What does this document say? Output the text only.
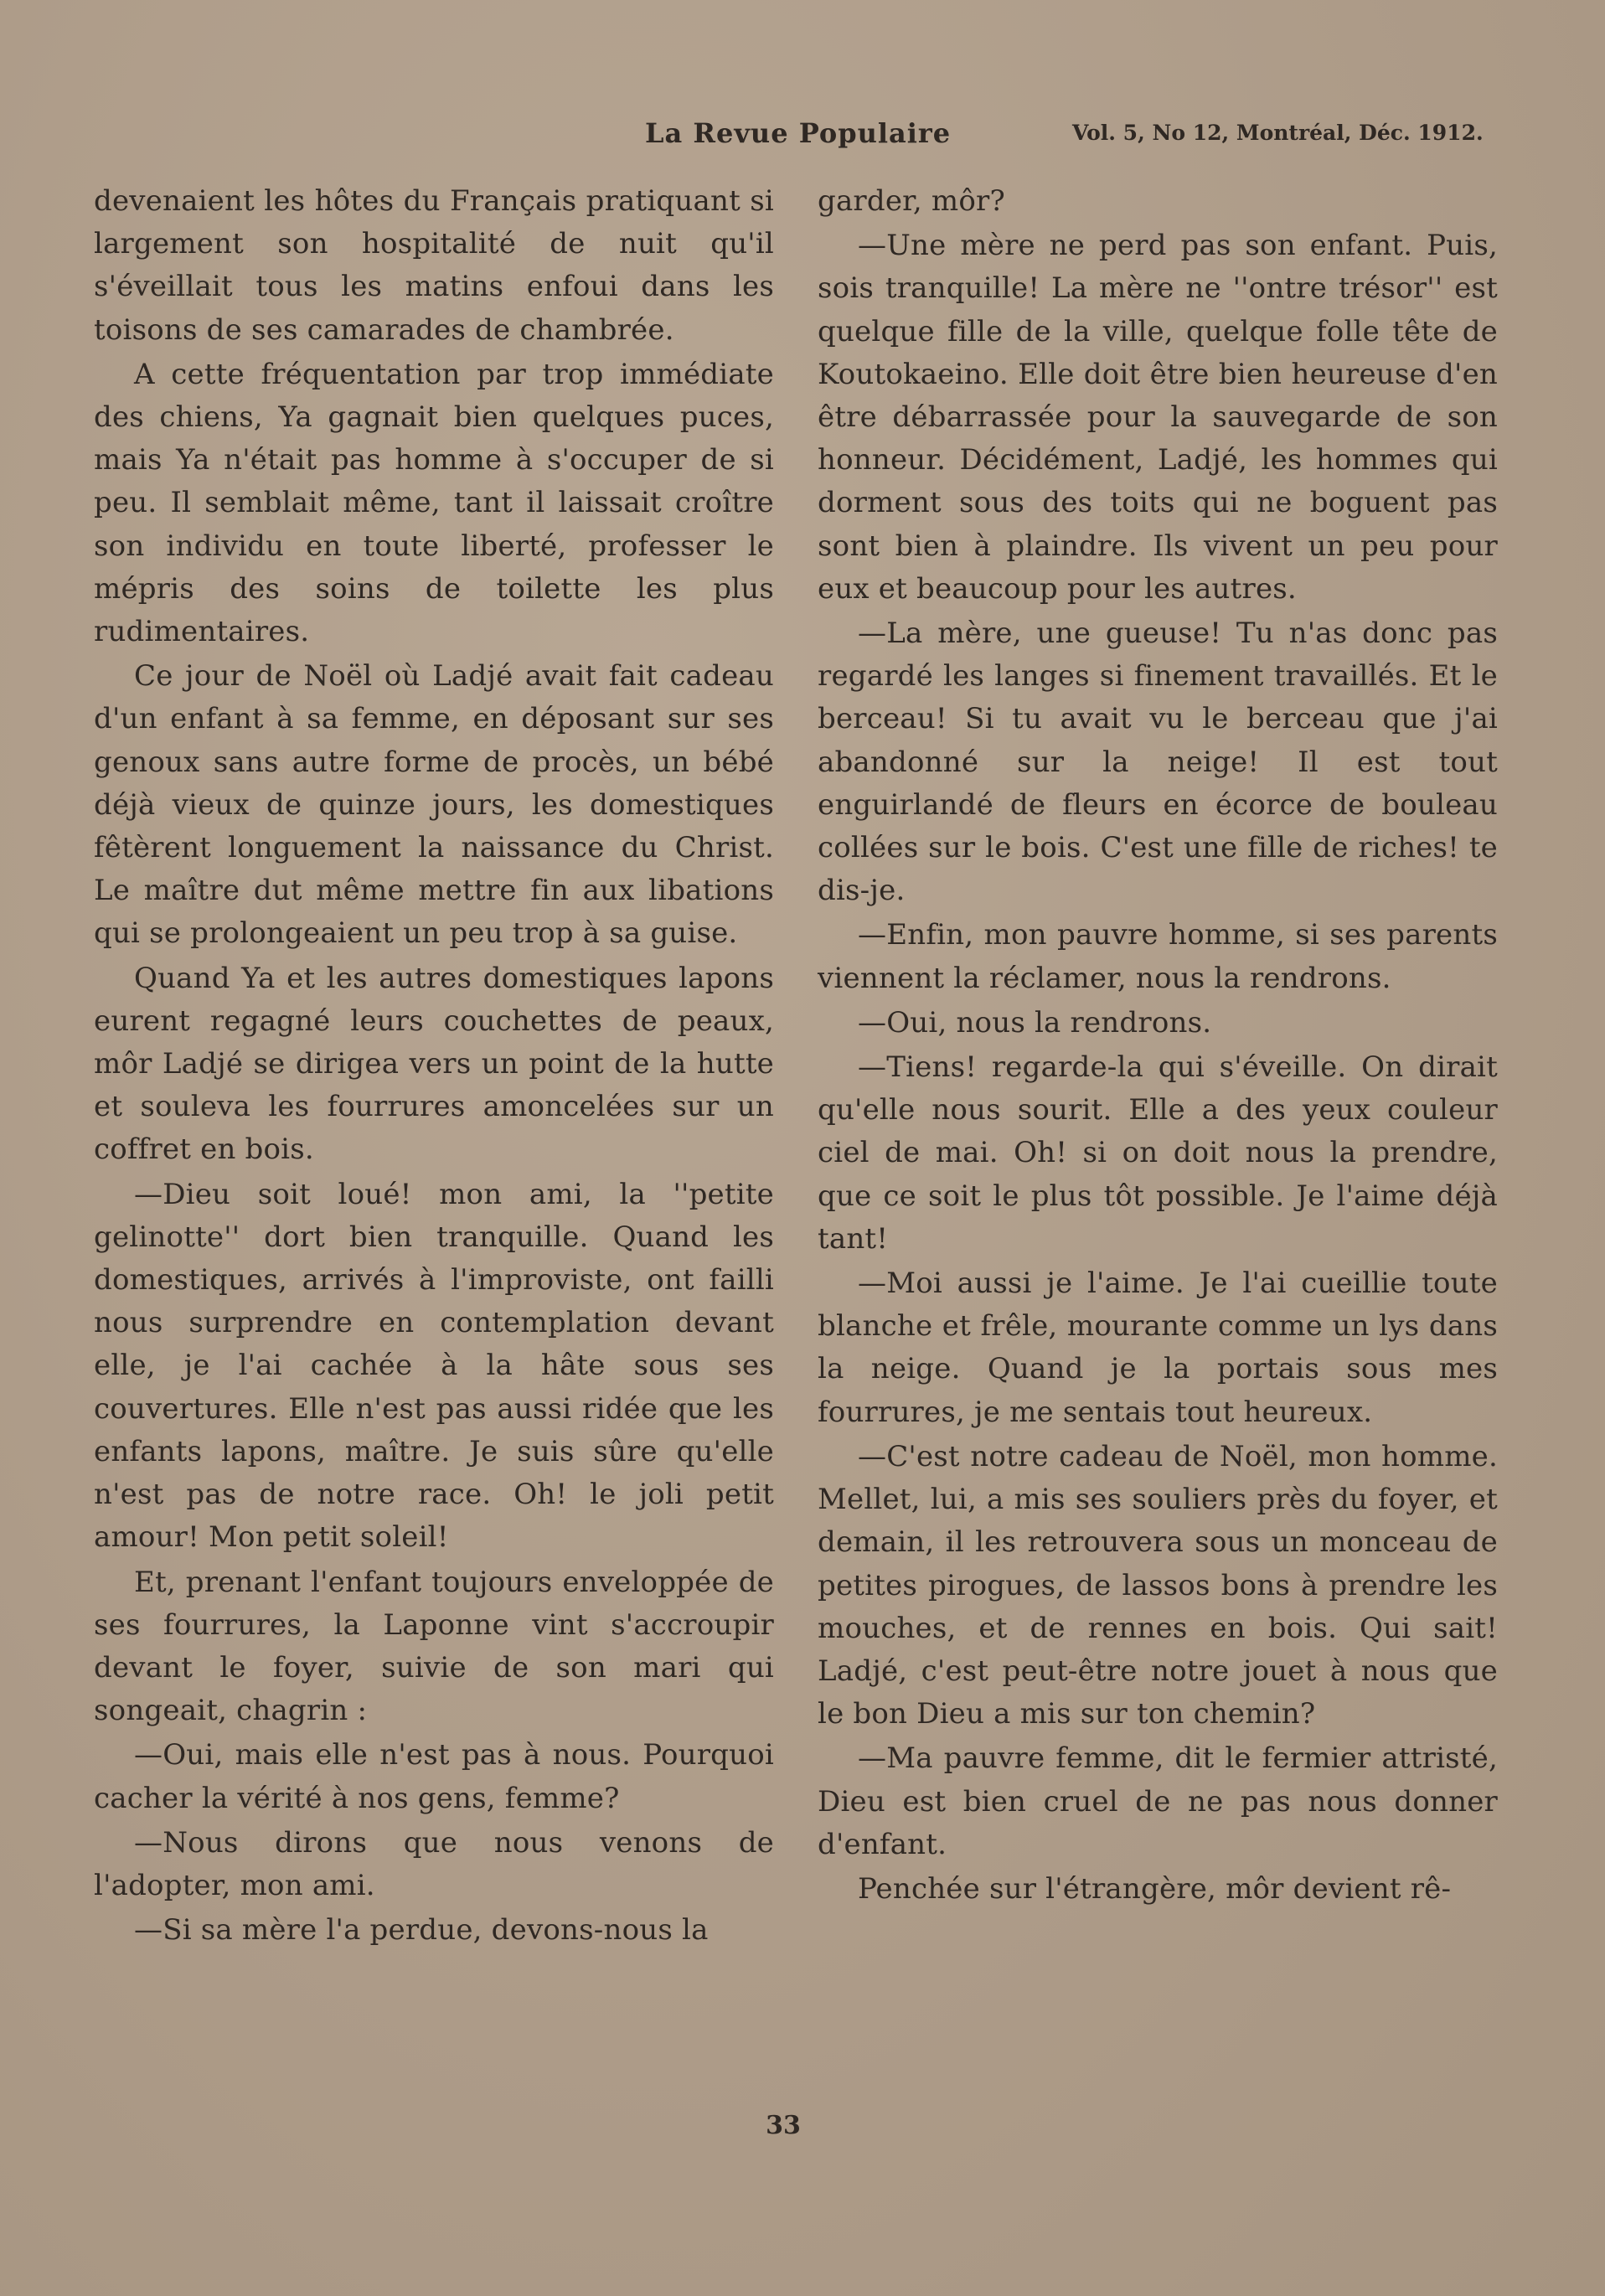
La Revue Populaire	Vol. 5, No 12, Montréal, Déc. 1912.

devenaient les hôtes du Français pratiquant si largement son hospitalité de nuit qu'il s'éveillait tous les matins enfoui dans les toisons de ses camarades de chambrée.

A cette fréquentation par trop immédiate des chiens, Ya gagnait bien quelques puces, mais Ya n'était pas homme à s'occuper de si peu. Il semblait même, tant il laissait croître son individu en toute liberté, professer le mépris des soins de toilette les plus rudimentaires.

Ce jour de Noël où Ladjé avait fait cadeau d'un enfant à sa femme, en déposant sur ses genoux sans autre forme de procès, un bébé déjà vieux de quinze jours, les domestiques fêtèrent longuement la naissance du Christ. Le maître dut même mettre fin aux libations qui se prolongeaient un peu trop à sa guise.

Quand Ya et les autres domestiques lapons eurent regagné leurs couchettes de peaux, môr Ladjé se dirigea vers un point de la hutte et souleva les fourrures amoncelées sur un coffret en bois.

—Dieu soit loué! mon ami, la ''petite gelinotte'' dort bien tranquille. Quand les domestiques, arrivés à l'improviste, ont failli nous surprendre en contemplation devant elle, je l'ai cachée à la hâte sous ses couvertures. Elle n'est pas aussi ridée que les enfants lapons, maître. Je suis sûre qu'elle n'est pas de notre race. Oh! le joli petit amour! Mon petit soleil!

Et, prenant l'enfant toujours enveloppée de ses fourrures, la Laponne vint s'accroupir devant le foyer, suivie de son mari qui songeait, chagrin :

—Oui, mais elle n'est pas à nous. Pourquoi cacher la vérité à nos gens, femme?

—Nous dirons que nous venons de l'adopter, mon ami.

—Si sa mère l'a perdue, devons-nous la

garder, môr?

—Une mère ne perd pas son enfant. Puis, sois tranquille! La mère ne ''ontre trésor'' est quelque fille de la ville, quelque folle tête de Koutokaeino. Elle doit être bien heureuse d'en être débarrassée pour la sauvegarde de son honneur. Décidément, Ladjé, les hommes qui dorment sous des toits qui ne boguent pas sont bien à plaindre. Ils vivent un peu pour eux et beaucoup pour les autres.

—La mère, une gueuse! Tu n'as donc pas regardé les langes si finement travaillés. Et le berceau! Si tu avait vu le berceau que j'ai abandonné sur la neige! Il est tout enguirlandé de fleurs en écorce de bouleau collées sur le bois. C'est une fille de riches! te dis-je.

—Enfin, mon pauvre homme, si ses parents viennent la réclamer, nous la rendrons.

—Oui, nous la rendrons.

—Tiens! regarde-la qui s'éveille. On dirait qu'elle nous sourit. Elle a des yeux couleur ciel de mai. Oh! si on doit nous la prendre, que ce soit le plus tôt possible. Je l'aime déjà tant!

—Moi aussi je l'aime. Je l'ai cueillie toute blanche et frêle, mourante comme un lys dans la neige. Quand je la portais sous mes fourrures, je me sentais tout heureux.

—C'est notre cadeau de Noël, mon homme. Mellet, lui, a mis ses souliers près du foyer, et demain, il les retrouvera sous un monceau de petites pirogues, de lassos bons à prendre les mouches, et de rennes en bois. Qui sait! Ladjé, c'est peut-être notre jouet à nous que le bon Dieu a mis sur ton chemin?

—Ma pauvre femme, dit le fermier attristé, Dieu est bien cruel de ne pas nous donner d'enfant.

Penchée sur l'étrangère, môr devient rê-

33
